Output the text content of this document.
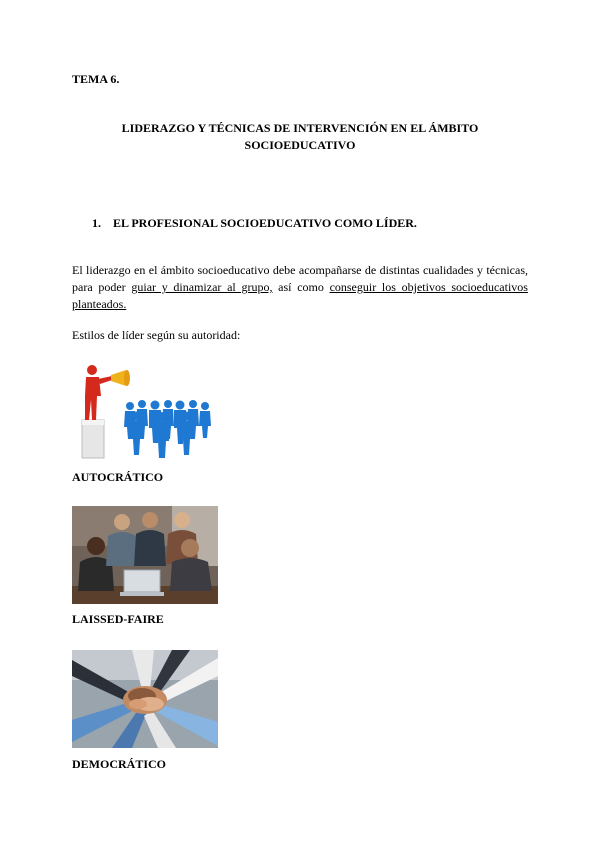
TEMA 6.
LIDERAZGO Y TÉCNICAS DE INTERVENCIÓN EN EL ÁMBITO
SOCIOEDUCATIVO
1. EL PROFESIONAL SOCIOEDUCATIVO COMO LÍDER.
El liderazgo en el ámbito socioeducativo debe acompañarse de distintas cualidades y técnicas, para poder guiar y dinamizar al grupo, así como conseguir los objetivos socioeducativos planteados.
Estilos de líder según su autoridad:
AUTOCRÁTICO
LAISSED-FAIRE
DEMOCRÁTICO
